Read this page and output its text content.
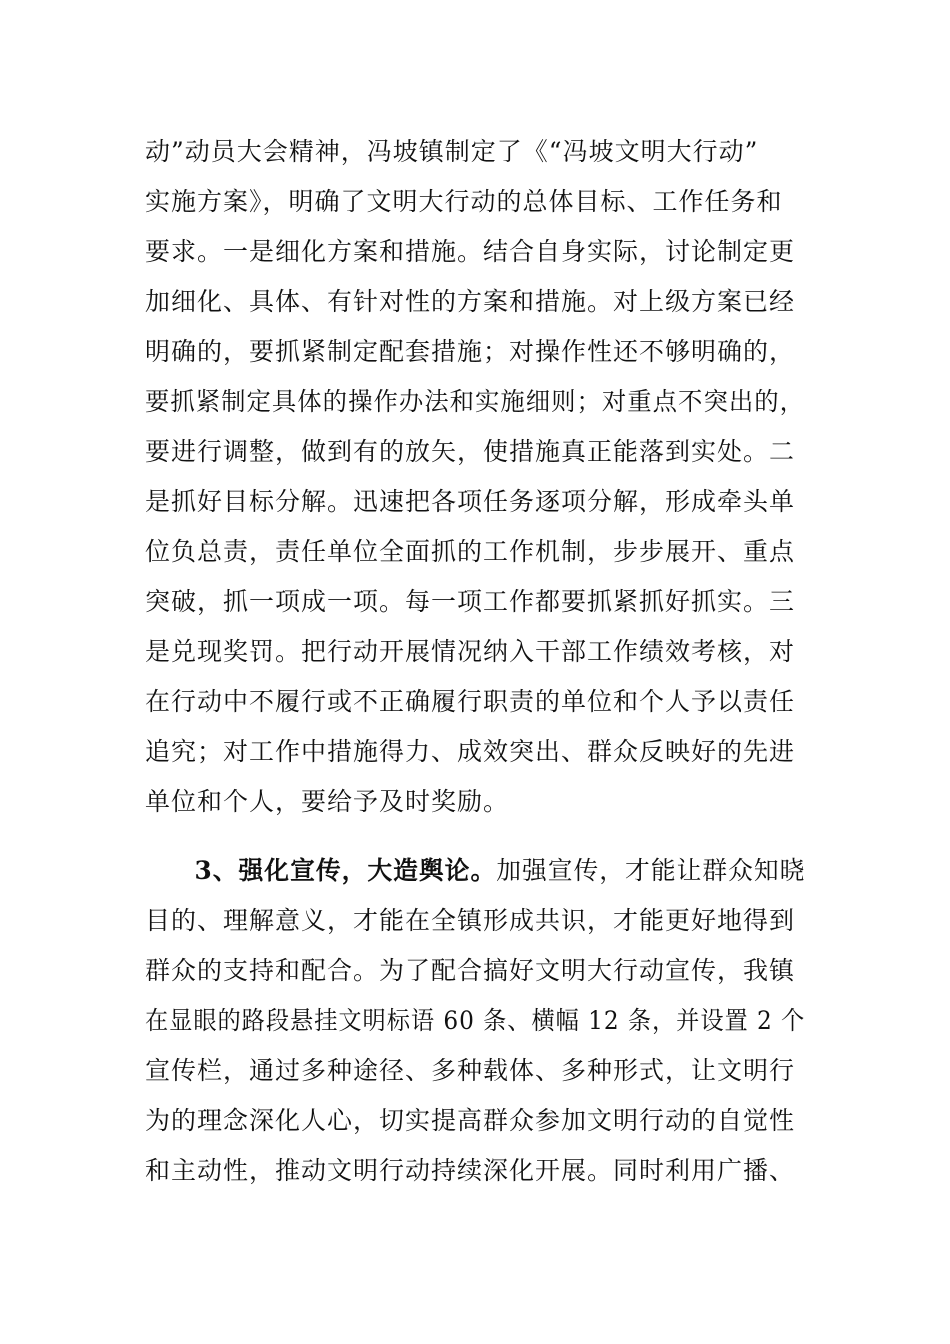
动”动员大会精神，冯坡镇制定了《“冯坡文明大行动”
实施方案》，明确了文明大行动的总体目标、工作任务和
要求。一是细化方案和措施。结合自身实际，讨论制定更
加细化、具体、有针对性的方案和措施。对上级方案已经
明确的，要抓紧制定配套措施；对操作性还不够明确的，
要抓紧制定具体的操作办法和实施细则；对重点不突出的，
要进行调整，做到有的放矢，使措施真正能落到实处。二
是抓好目标分解。迅速把各项任务逐项分解，形成牵头单
位负总责，责任单位全面抓的工作机制，步步展开、重点
突破，抓一项成一项。每一项工作都要抓紧抓好抓实。三
是兑现奖罚。把行动开展情况纳入干部工作绩效考核，对
在行动中不履行或不正确履行职责的单位和个人予以责任
追究；对工作中措施得力、成效突出、群众反映好的先进
单位和个人，要给予及时奖励。
3、强化宣传，大造舆论。加强宣传，才能让群众知晓
目的、理解意义，才能在全镇形成共识，才能更好地得到
群众的支持和配合。为了配合搞好文明大行动宣传，我镇
在显眼的路段悬挂文明标语 60 条、横幅 12 条，并设置 2 个
宣传栏，通过多种途径、多种载体、多种形式，让文明行
为的理念深化人心，切实提高群众参加文明行动的自觉性
和主动性，推动文明行动持续深化开展。同时利用广播、
